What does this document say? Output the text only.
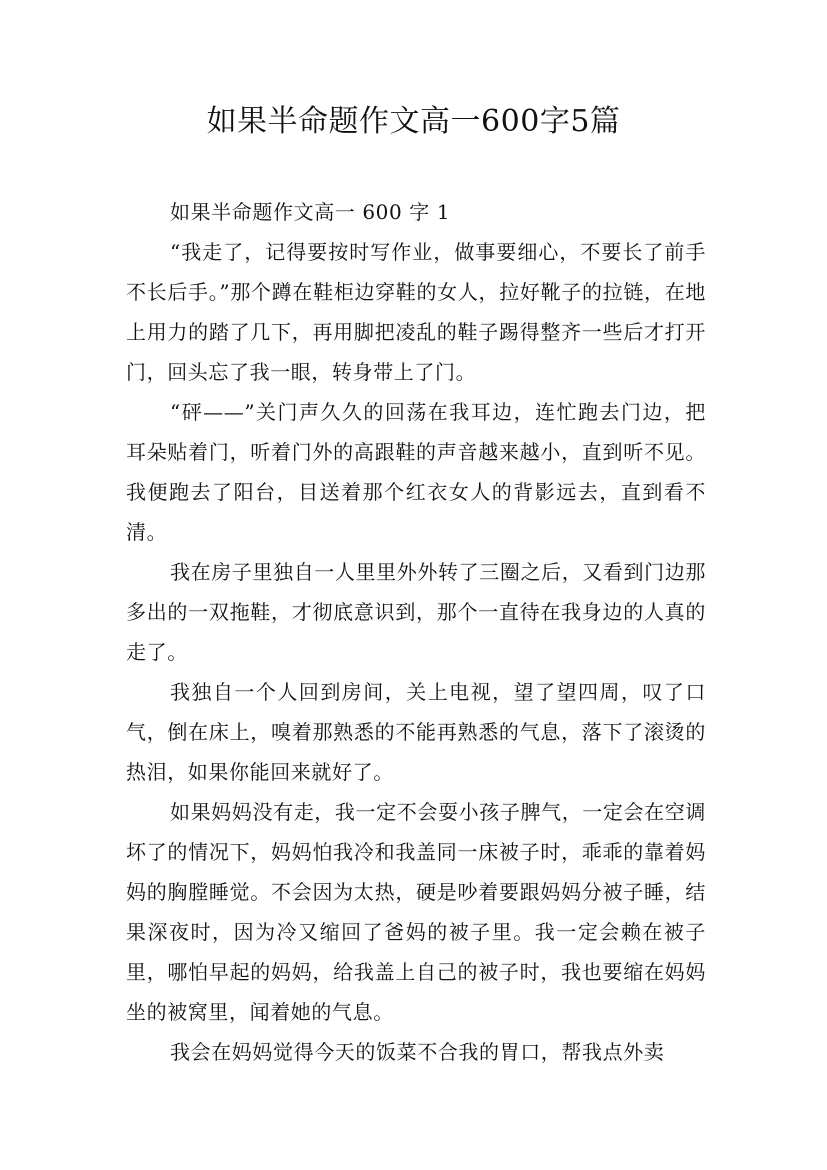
如果半命题作文高一600字5篇

如果半命题作文高一 600 字 1

“我走了，记得要按时写作业，做事要细心，不要长了前手不长后手。”那个蹲在鞋柜边穿鞋的女人，拉好靴子的拉链，在地上用力的踏了几下，再用脚把凌乱的鞋子踢得整齐一些后才打开门，回头忘了我一眼，转身带上了门。

“砰——”关门声久久的回荡在我耳边，连忙跑去门边，把耳朵贴着门，听着门外的高跟鞋的声音越来越小，直到听不见。我便跑去了阳台，目送着那个红衣女人的背影远去，直到看不清。

我在房子里独自一人里里外外转了三圈之后，又看到门边那多出的一双拖鞋，才彻底意识到，那个一直待在我身边的人真的走了。

我独自一个人回到房间，关上电视，望了望四周，叹了口气，倒在床上，嗅着那熟悉的不能再熟悉的气息，落下了滚烫的热泪，如果你能回来就好了。

如果妈妈没有走，我一定不会耍小孩子脾气，一定会在空调坏了的情况下，妈妈怕我冷和我盖同一床被子时，乖乖的靠着妈妈的胸膛睡觉。不会因为太热，硬是吵着要跟妈妈分被子睡，结果深夜时，因为冷又缩回了爸妈的被子里。我一定会赖在被子里，哪怕早起的妈妈，给我盖上自己的被子时，我也要缩在妈妈坐的被窝里，闻着她的气息。

我会在妈妈觉得今天的饭菜不合我的胃口，帮我点外卖
